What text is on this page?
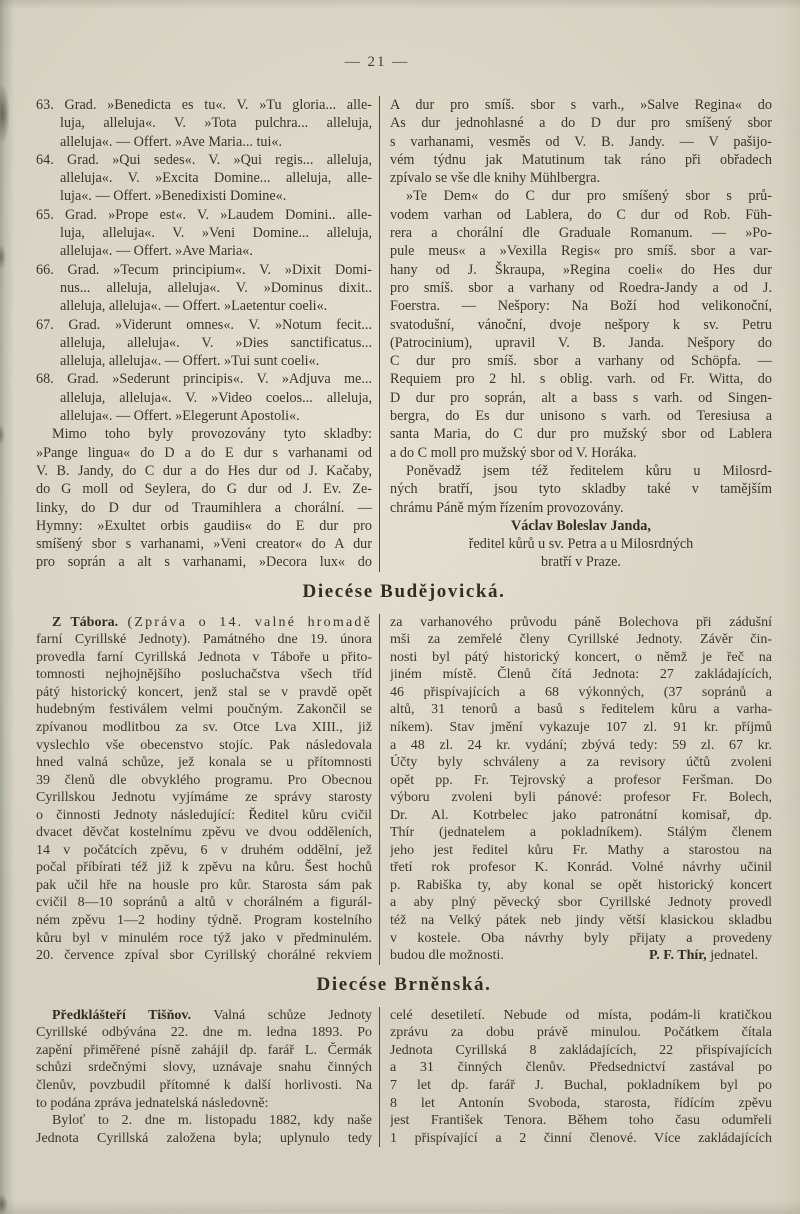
— 21 —
63. Grad. »Benedicta es tu«. V. »Tu gloria... alle-
luja, alleluja«. V. »Tota pulchra... alleluja,
alleluja«. — Offert. »Ave Maria... tui«.
64. Grad. »Qui sedes«. V. »Qui regis... alleluja,
alleluja«. V. »Excita Domine... alleluja, alle-
luja«. — Offert. »Benedixisti Domine«.
65. Grad. »Prope est«. V. »Laudem Domini.. alle-
luja, alleluja«. V. »Veni Domine... alleluja,
alleluja«. — Offert. »Ave Maria«.
66. Grad. »Tecum principium«. V. »Dixit Domi-
nus... alleluja, alleluja«. V. »Dominus dixit..
alleluja, alleluja«. — Offert. »Laetentur coeli«.
67. Grad. »Viderunt omnes«. V. »Notum fecit...
alleluja, alleluja«. V. »Dies sanctificatus...
alleluja, alleluja«. — Offert. »Tui sunt coeli«.
68. Grad. »Sederunt principis«. V. »Adjuva me...
alleluja, alleluja«. V. »Video coelos... alleluja,
alleluja«. — Offert. »Elegerunt Apostoli«.
Mimo toho byly provozovány tyto skladby:
»Pange lingua« do D a do E dur s varhanami od
V. B. Jandy, do C dur a do Hes dur od J. Kačaby,
do G moll od Seylera, do G dur od J. Ev. Ze-
linky, do D dur od Traumihlera a chorální. —
Hymny: »Exultet orbis gaudiis« do E dur pro
smíšený sbor s varhanami, »Veni creator« do A dur
pro soprán a alt s varhanami, »Decora lux« do
A dur pro smíš. sbor s varh., »Salve Regina« do
As dur jednohlasné a do D dur pro smíšený sbor
s varhanami, vesměs od V. B. Jandy. — V pašijo-
vém týdnu jak Matutinum tak ráno při obřadech
zpívalo se vše dle knihy Mühlbergra.
»Te Dem« do C dur pro smíšený sbor s prů-
vodem varhan od Lablera, do C dur od Rob. Füh-
rera a chorální dle Graduale Romanum. — »Po-
pule meus« a »Vexilla Regis« pro smíš. sbor a var-
hany od J. Škraupa, »Regina coeli« do Hes dur
pro smíš. sbor a varhany od Roedra-Jandy a od J.
Foerstra. — Nešpory: Na Boží hod velikonoční,
svatodušní, vánoční, dvoje nešpory k sv. Petru
(Patrocinium), upravil V. B. Janda. Nešpory do
C dur pro smíš. sbor a varhany od Schöpfa. —
Requiem pro 2 hl. s oblig. varh. od Fr. Witta, do
D dur pro soprán, alt a bass s varh. od Singen-
bergra, do Es dur unisono s varh. od Teresiusa a
santa Maria, do C dur pro mužský sbor od Lablera
a do C moll pro mužský sbor od V. Horáka.
Poněvadž jsem též ředitelem kůru u Milosrd-
ných bratří, jsou tyto skladby také v tamějším
chrámu Páně mým řízením provozovány.
Václav Boleslav Janda,
ředitel kůrů u sv. Petra a u Milosrdných
bratří v Praze.
Diecése Budějovická.
Z Tábora. (Zpráva o 14. valné hromadě
farní Cyrillské Jednoty). Památného dne 19. února
provedla farní Cyrillská Jednota v Táboře u přito-
tomnosti nejhojnějšího posluchačstva všech tříd
pátý historický koncert, jenž stal se v pravdě opět
hudebným festiválem velmi poučným. Zakončil se
zpívanou modlitbou za sv. Otce Lva XIII., již
vyslechlo vše obecenstvo stojíc. Pak následovala
hned valná schůze, jež konala se u přítomnosti
39 členů dle obvyklého programu. Pro Obecnou
Cyrillskou Jednotu vyjímáme ze správy starosty
o činnosti Jednoty následující: Ředitel kůru cvičil
dvacet děvčat kostelnímu zpěvu ve dvou odděleních,
14 v počátcích zpěvu, 6 v druhém oddělní, jež
počal příbírati též již k zpěvu na kůru. Šest hochů
pak učil hře na housle pro kůr. Starosta sám pak
cvičil 8—10 sopránů a altů v chorálném a figurál-
ném zpěvu 1—2 hodiny týdně. Program kostelního
kůru byl v minulém roce týž jako v předminulém.
20. července zpíval sbor Cyrillský chorálné rekviem
za varhanového průvodu páně Bolechova při zádušní
mši za zemřelé členy Cyrillské Jednoty. Závěr čin-
nosti byl pátý historický koncert, o němž je řeč na
jiném místě. Členů čítá Jednota: 27 zakládajících,
46 přispívajících a 68 výkonných, (37 sopránů a
altů, 31 tenorů a basů s ředitelem kůru a varha-
níkem). Stav jmění vykazuje 107 zl. 91 kr. příjmů
a 48 zl. 24 kr. vydání; zbývá tedy: 59 zl. 67 kr.
Účty byly schváleny a za revisory účtů zvoleni
opět pp. Fr. Tejrovský a profesor Feršman. Do
výboru zvoleni byli pánové: profesor Fr. Bolech,
Dr. Al. Kotrbelec jako patronátní komisař, dp.
Thír (jednatelem a pokladníkem). Stálým členem
jeho jest ředitel kůru Fr. Mathy a starostou na
třetí rok profesor K. Konrád. Volné návrhy učinil
p. Rabiška ty, aby konal se opět historický koncert
a aby plný pěvecký sbor Cyrillské Jednoty provedl
též na Velký pátek neb jindy větší klasickou skladbu
v kostele. Oba návrhy byly přijaty a provedeny
budou dle možnosti.	P. F. Thír, jednatel.
Diecése Brněnská.
Předklášteří Tišňov. Valná schůze Jednoty
Cyrillské odbývána 22. dne m. ledna 1893. Po
zapění přiměřené písně zahájil dp. farář L. Čermák
schůzi srdečnými slovy, uznávaje snahu činných
členův, povzbudil přítomné k další horlivosti. Na
to podána zpráva jednatelská následovně:
Byloť to 2. dne m. listopadu 1882, kdy naše
Jednota Cyrillská založena byla; uplynulo tedy
celé desetiletí. Nebude od místa, podám-li kratičkou
zprávu za dobu právě minulou. Počátkem čítala
Jednota Cyrillská 8 zakládajících, 22 přispívajících
a 31 činných členův. Předsednictví zastával po
7 let dp. farář J. Buchal, pokladníkem byl po
8 let Antonín Svoboda, starosta, řídícím zpěvu
jest František Tenora. Během toho času odumřeli
1 přispívající a 2 činní členové. Více zakládajících
